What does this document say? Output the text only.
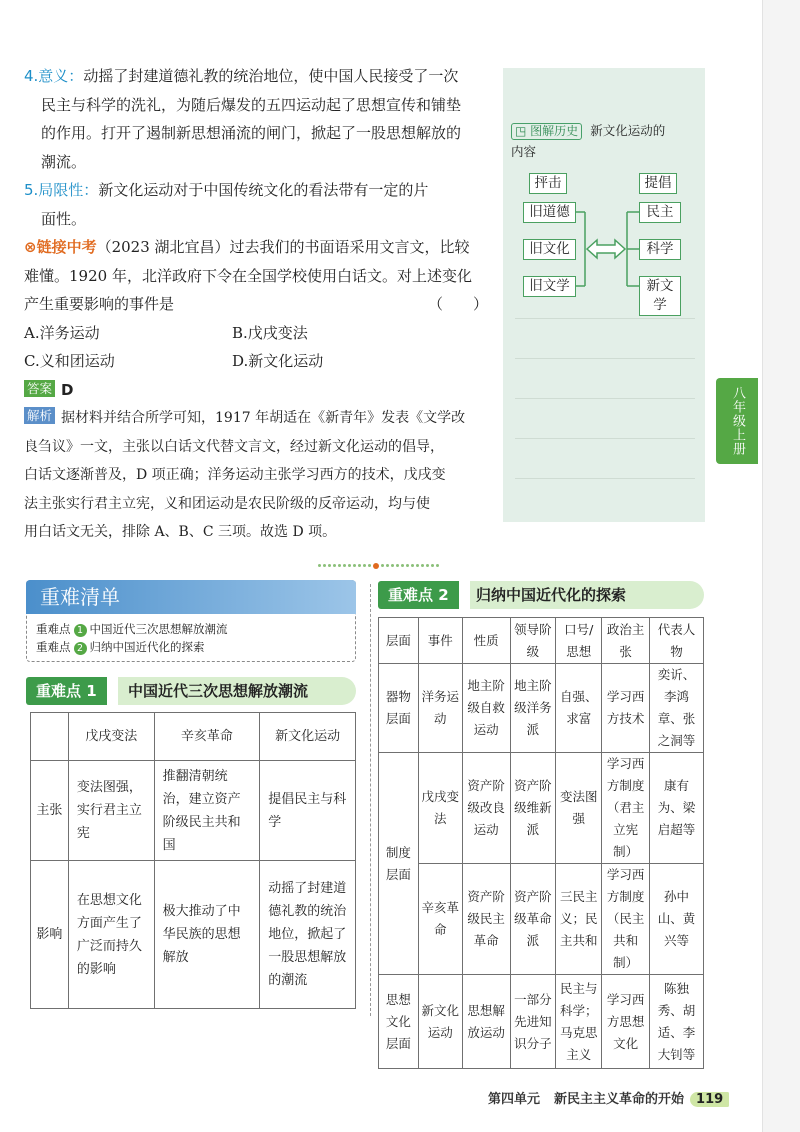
八年级上册

4.意义：动摇了封建道德礼教的统治地位，使中国人民接受了一次

民主与科学的洗礼，为随后爆发的五四运动起了思想宣传和铺垫

的作用。打开了遏制新思想涌流的闸门，掀起了一股思想解放的

潮流。

5.局限性：新文化运动对于中国传统文化的看法带有一定的片

面性。

⊗链接中考（2023 湖北宜昌）过去我们的书面语采用文言文，比较

难懂。1920 年，北洋政府下令在全国学校使用白话文。对上述变化

产生重要影响的事件是	（　　）

A.洋务运动	B.戊戌变法
C.义和团运动	D.新文化运动

答案 D

解析 据材料并结合所学可知，1917 年胡适在《新青年》发表《文学改

良刍议》一文，主张以白话文代替文言文，经过新文化运动的倡导，

白话文逐渐普及，D 项正确；洋务运动主张学习西方的技术，戊戌变

法主张实行君主立宪，义和团运动是农民阶级的反帝运动，均与使

用白话文无关，排除 A、B、C 三项。故选 D 项。

◳ 图解历史 新文化运动的
内容
抨击	提倡
旧道德
旧文化
旧文学
民主
科学
新文学
重难清单
重难点 1 中国近代三次思想解放潮流
重难点 2 归纳中国近代化的探索
重难点 1 中国近代三次思想解放潮流
	戊戌变法	辛亥革命	新文化运动
主张	变法图强，实行君主立宪	推翻清朝统治，建立资产阶级民主共和国	提倡民主与科学
影响	在思想文化方面产生了广泛而持久的影响	极大推动了中华民族的思想解放	动摇了封建道德礼教的统治地位，掀起了一股思想解放的潮流
重难点 2 归纳中国近代化的探索
层面	事件	性质	领导阶级	口号/思想	政治主张	代表人物
器物层面	洋务运动	地主阶级自救运动	地主阶级洋务派	自强、求富	学习西方技术	奕䜣、李鸿章、张之洞等
制度层面	戊戌变法	资产阶级改良运动	资产阶级维新派	变法图强	学习西方制度（君主立宪制）	康有为、梁启超等
	辛亥革命	资产阶级民主革命	资产阶级革命派	三民主义；民主共和	学习西方制度（民主共和制）	孙中山、黄兴等
思想文化层面	新文化运动	思想解放运动	一部分先进知识分子	民主与科学；马克思主义	学习西方思想文化	陈独秀、胡适、李大钊等
第四单元 新民主主义革命的开始 119
